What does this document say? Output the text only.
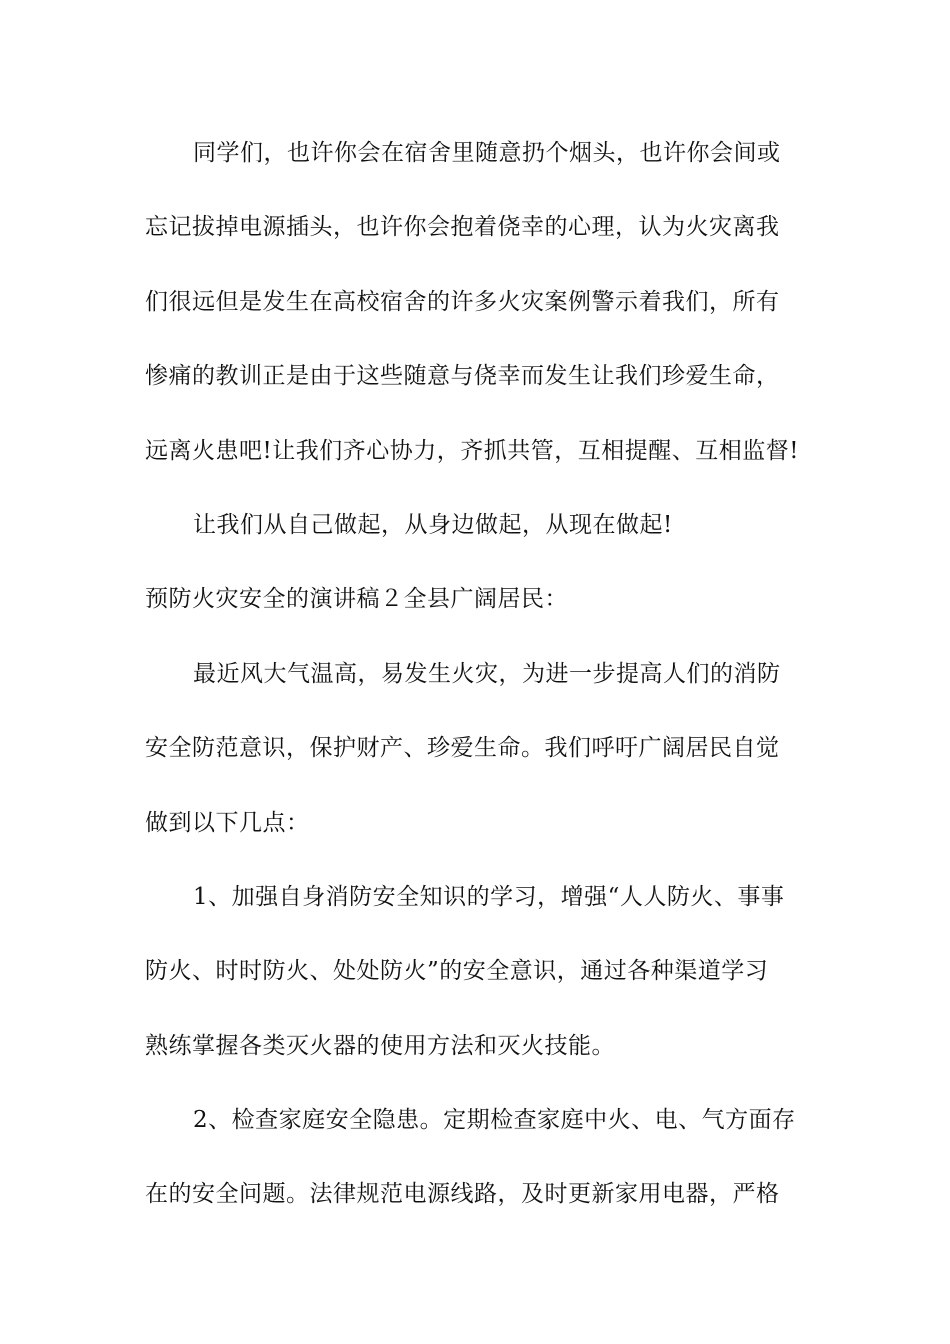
同学们，也许你会在宿舍里随意扔个烟头，也许你会间或
忘记拔掉电源插头，也许你会抱着侥幸的心理，认为火灾离我
们很远但是发生在高校宿舍的许多火灾案例警示着我们，所有
惨痛的教训正是由于这些随意与侥幸而发生让我们珍爱生命，
远离火患吧!让我们齐心协力，齐抓共管，互相提醒、互相监督!
让我们从自己做起，从身边做起，从现在做起!
预防火灾安全的演讲稿２全县广阔居民：
最近风大气温高，易发生火灾，为进一步提高人们的消防
安全防范意识，保护财产、珍爱生命。我们呼吁广阔居民自觉
做到以下几点：
1、加强自身消防安全知识的学习，增强“人人防火、事事
防火、时时防火、处处防火”的安全意识，通过各种渠道学习
熟练掌握各类灭火器的使用方法和灭火技能。
2、检查家庭安全隐患。定期检查家庭中火、电、气方面存
在的安全问题。法律规范电源线路，及时更新家用电器，严格
